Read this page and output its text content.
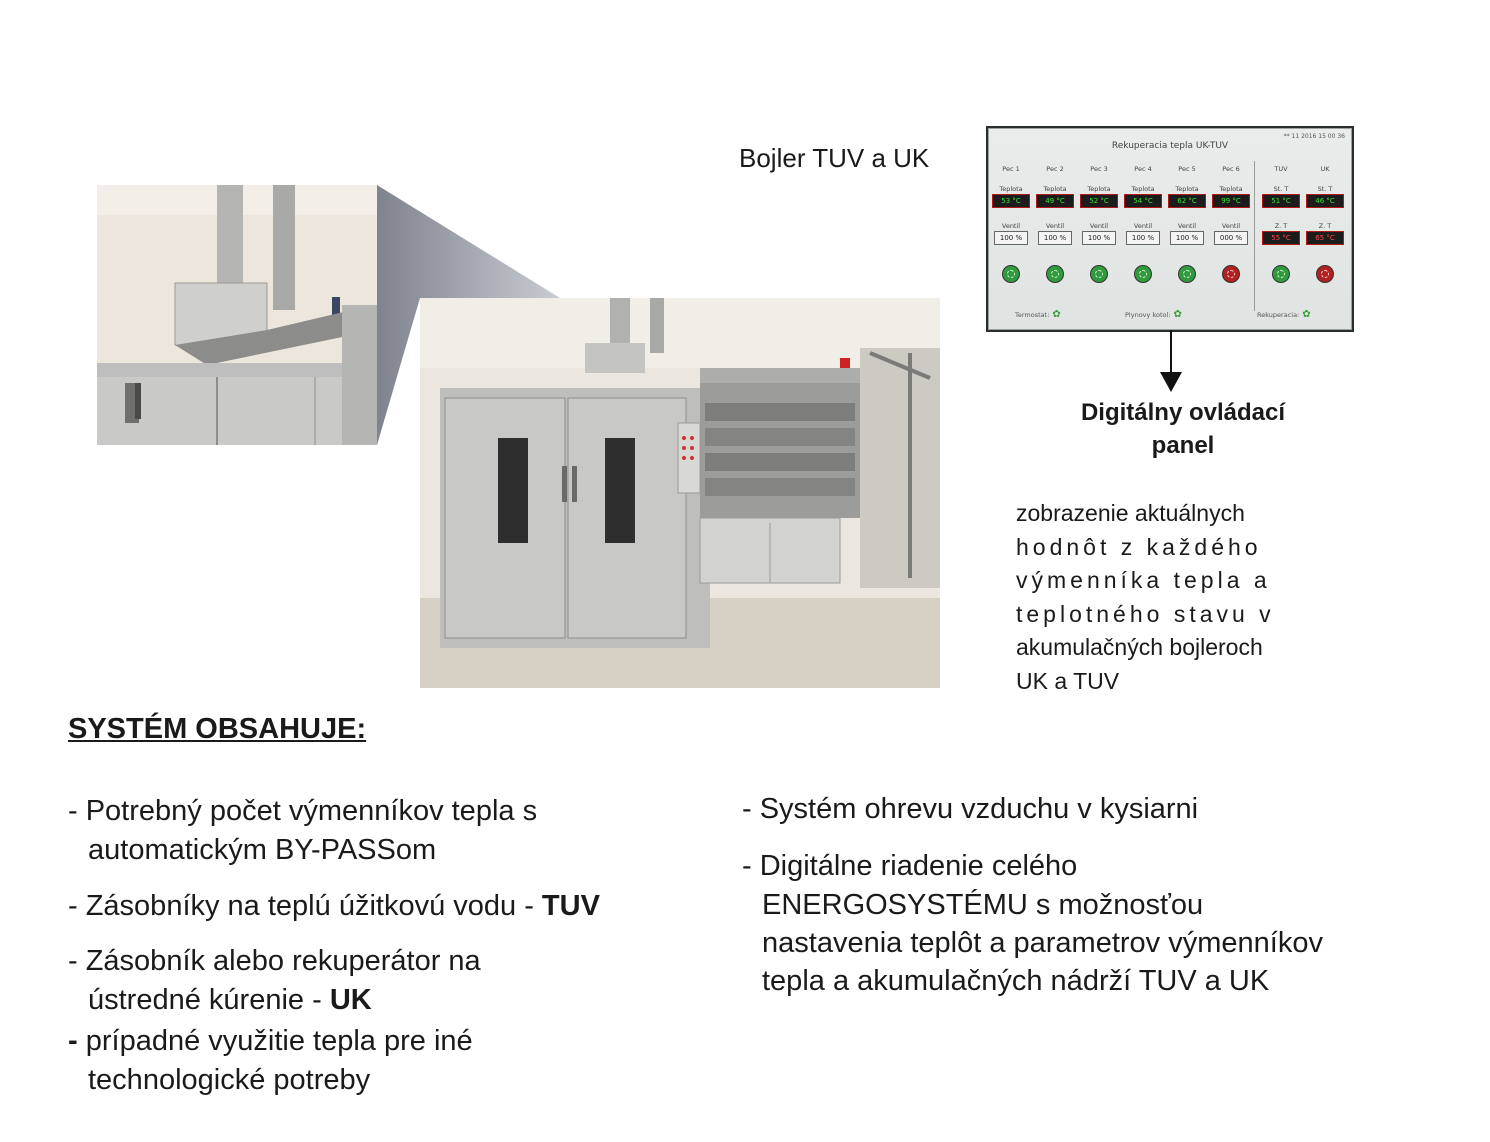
** 11 2016 15 00 36
Rekuperacia tepla UK-TUV
Pec 1
Teplota
53 °C
Ventil
100 %
Pec 2
Teplota
49 °C
Ventil
100 %
Pec 3
Teplota
52 °C
Ventil
100 %
Pec 4
Teplota
54 °C
Ventil
100 %
Pec 5
Teplota
62 °C
Ventil
100 %
Pec 6
Teplota
99 °C
Ventil
000 %
TUV
St. T
51 °C
Z. T
55 °C
UK
St. T
46 °C
Z. T
65 °C
Termostat: ✿	Plynovy kotol: ✿	Rekuperacia: ✿
Bojler TUV a UK
Digitálny ovládací
panel
zobrazenie aktuálnych
hodnôt z každého
výmenníka tepla a
teplotného stavu v
akumulačných bojleroch
UK a TUV
SYSTÉM OBSAHUJE:
- Potrebný počet výmenníkov tepla s
automatickým BY-PASSom
- Zásobníky na teplú úžitkovú vodu - TUV
- Zásobník alebo rekuperátor na
ústredné kúrenie - UK
- prípadné využitie tepla pre iné
technologické potreby
- Systém ohrevu vzduchu v kysiarni
- Digitálne riadenie celého
ENERGOSYSTÉMU s možnosťou
nastavenia teplôt a parametrov výmenníkov
tepla a akumulačných nádrží TUV a UK
